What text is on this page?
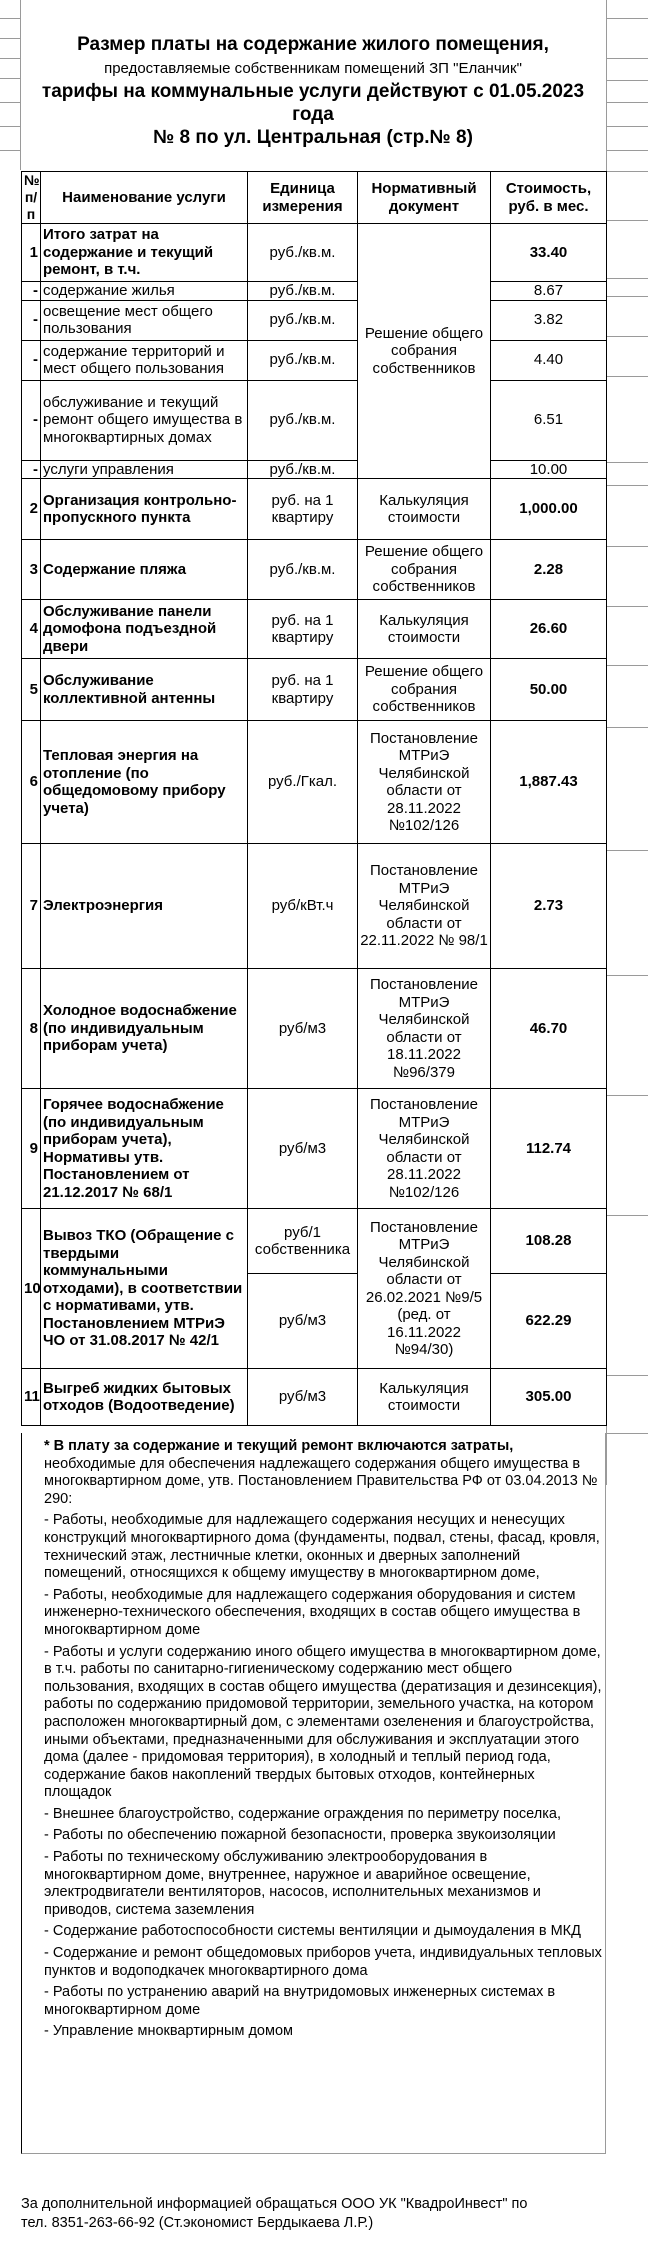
Размер платы на содержание жилого помещения,
предоставляемые собственникам помещений ЗП "Еланчик"
тарифы на коммунальные услуги действуют с 01.05.2023 года
№ 8 по ул. Центральная (стр.№ 8)
№ п/п	Наименование услуги	Единица измерения	Нормативный документ	Стоимость, руб. в мес.
1	Итого затрат на содержание и текущий ремонт, в т.ч.	руб./кв.м.	Решение общего собрания собственников	33.40
-	содержание жилья	руб./кв.м.		8.67
-	освещение мест общего пользования	руб./кв.м.		3.82
-	содержание территорий и мест общего пользования	руб./кв.м.		4.40
-	обслуживание и текущий ремонт общего имущества в многоквартирных домах	руб./кв.м.		6.51
-	услуги управления	руб./кв.м.		10.00
2	Организация контрольно-пропускного пункта	руб. на 1 квартиру	Калькуляция стоимости	1,000.00
3	Содержание пляжа	руб./кв.м.	Решение общего собрания собственников	2.28
4	Обслуживание панели домофона подъездной двери	руб. на 1 квартиру	Калькуляция стоимости	26.60
5	Обслуживание коллективной антенны	руб. на 1 квартиру	Решение общего собрания собственников	50.00
6	Тепловая энергия на отопление (по общедомовому прибору учета)	руб./Гкал.	Постановление МТРиЭ Челябинской области от 28.11.2022 №102/126	1,887.43
7	Электроэнергия	руб/кВт.ч	Постановление МТРиЭ Челябинской области от 22.11.2022 № 98/1	2.73
8	Холодное водоснабжение (по индивидуальным приборам учета)	руб/м3	Постановление МТРиЭ Челябинской области от 18.11.2022 №96/379	46.70
9	Горячее водоснабжение (по индивидуальным приборам учета), Нормативы утв. Постановлением от 21.12.2017 № 68/1	руб/м3	Постановление МТРиЭ Челябинской области от 28.11.2022 №102/126	112.74
10	Вывоз ТКО (Обращение с твердыми коммунальными отходами), в соответствии с нормативами, утв. Постановлением МТРиЭ ЧО от 31.08.2017 № 42/1	руб/1 собственника	Постановление МТРиЭ Челябинской области от 26.02.2021 №9/5 (ред. от 16.11.2022 №94/30)	108.28
		руб/м3		622.29
11	Выгреб жидких бытовых отходов (Водоотведение)	руб/м3	Калькуляция стоимости	305.00

* В плату за содержание и текущий ремонт включаются затраты, необходимые для обеспечения надлежащего содержания общего имущества в многоквартирном доме, утв. Постановлением Правительства РФ от 03.04.2013 № 290:

- Работы, необходимые для надлежащего содержания несущих и ненесущих конструкций многоквартирного дома (фундаменты, подвал, стены, фасад, кровля, технический этаж, лестничные клетки, оконных и дверных заполнений помещений, относящихся к общему имуществу в многоквартирном доме,

- Работы, необходимые для надлежащего содержания оборудования и систем инженерно-технического обеспечения, входящих в состав общего имущества в многоквартирном доме

- Работы и услуги содержанию иного общего имущества в многоквартирном доме, в т.ч. работы по санитарно-гигиеническому содержанию мест общего пользования, входящих в состав общего имущества (дератизация и дезинсекция), работы по содержанию придомовой территории, земельного участка, на котором расположен многоквартирный дом, с элементами озеленения и благоустройства, иными объектами, предназначенными для обслуживания и эксплуатации этого дома (далее - придомовая территория), в холодный и теплый период года, содержание баков накоплений твердых бытовых отходов, контейнерных площадок

- Внешнее благоустройство, содержание ограждения по периметру поселка,

- Работы по обеспечению пожарной безопасности, проверка звукоизоляции

- Работы по техническому обслуживанию электрооборудования в многоквартирном доме, внутреннее, наружное и аварийное освещение, электродвигатели вентиляторов, насосов, исполнительных механизмов и приводов, система заземления

- Содержание работоспособности системы вентиляции и дымоудаления в МКД

- Содержание и ремонт общедомовых приборов учета, индивидуальных тепловых пунктов и водоподкачек многоквартирного дома

- Работы по устранению аварий на внутридомовых инженерных системах в многоквартирном доме

- Управление мноквартирным домом

За дополнительной информацией обращаться ООО УК "КвадроИнвест" по
тел. 8351-263-66-92 (Ст.экономист Бердыкаева Л.Р.)
